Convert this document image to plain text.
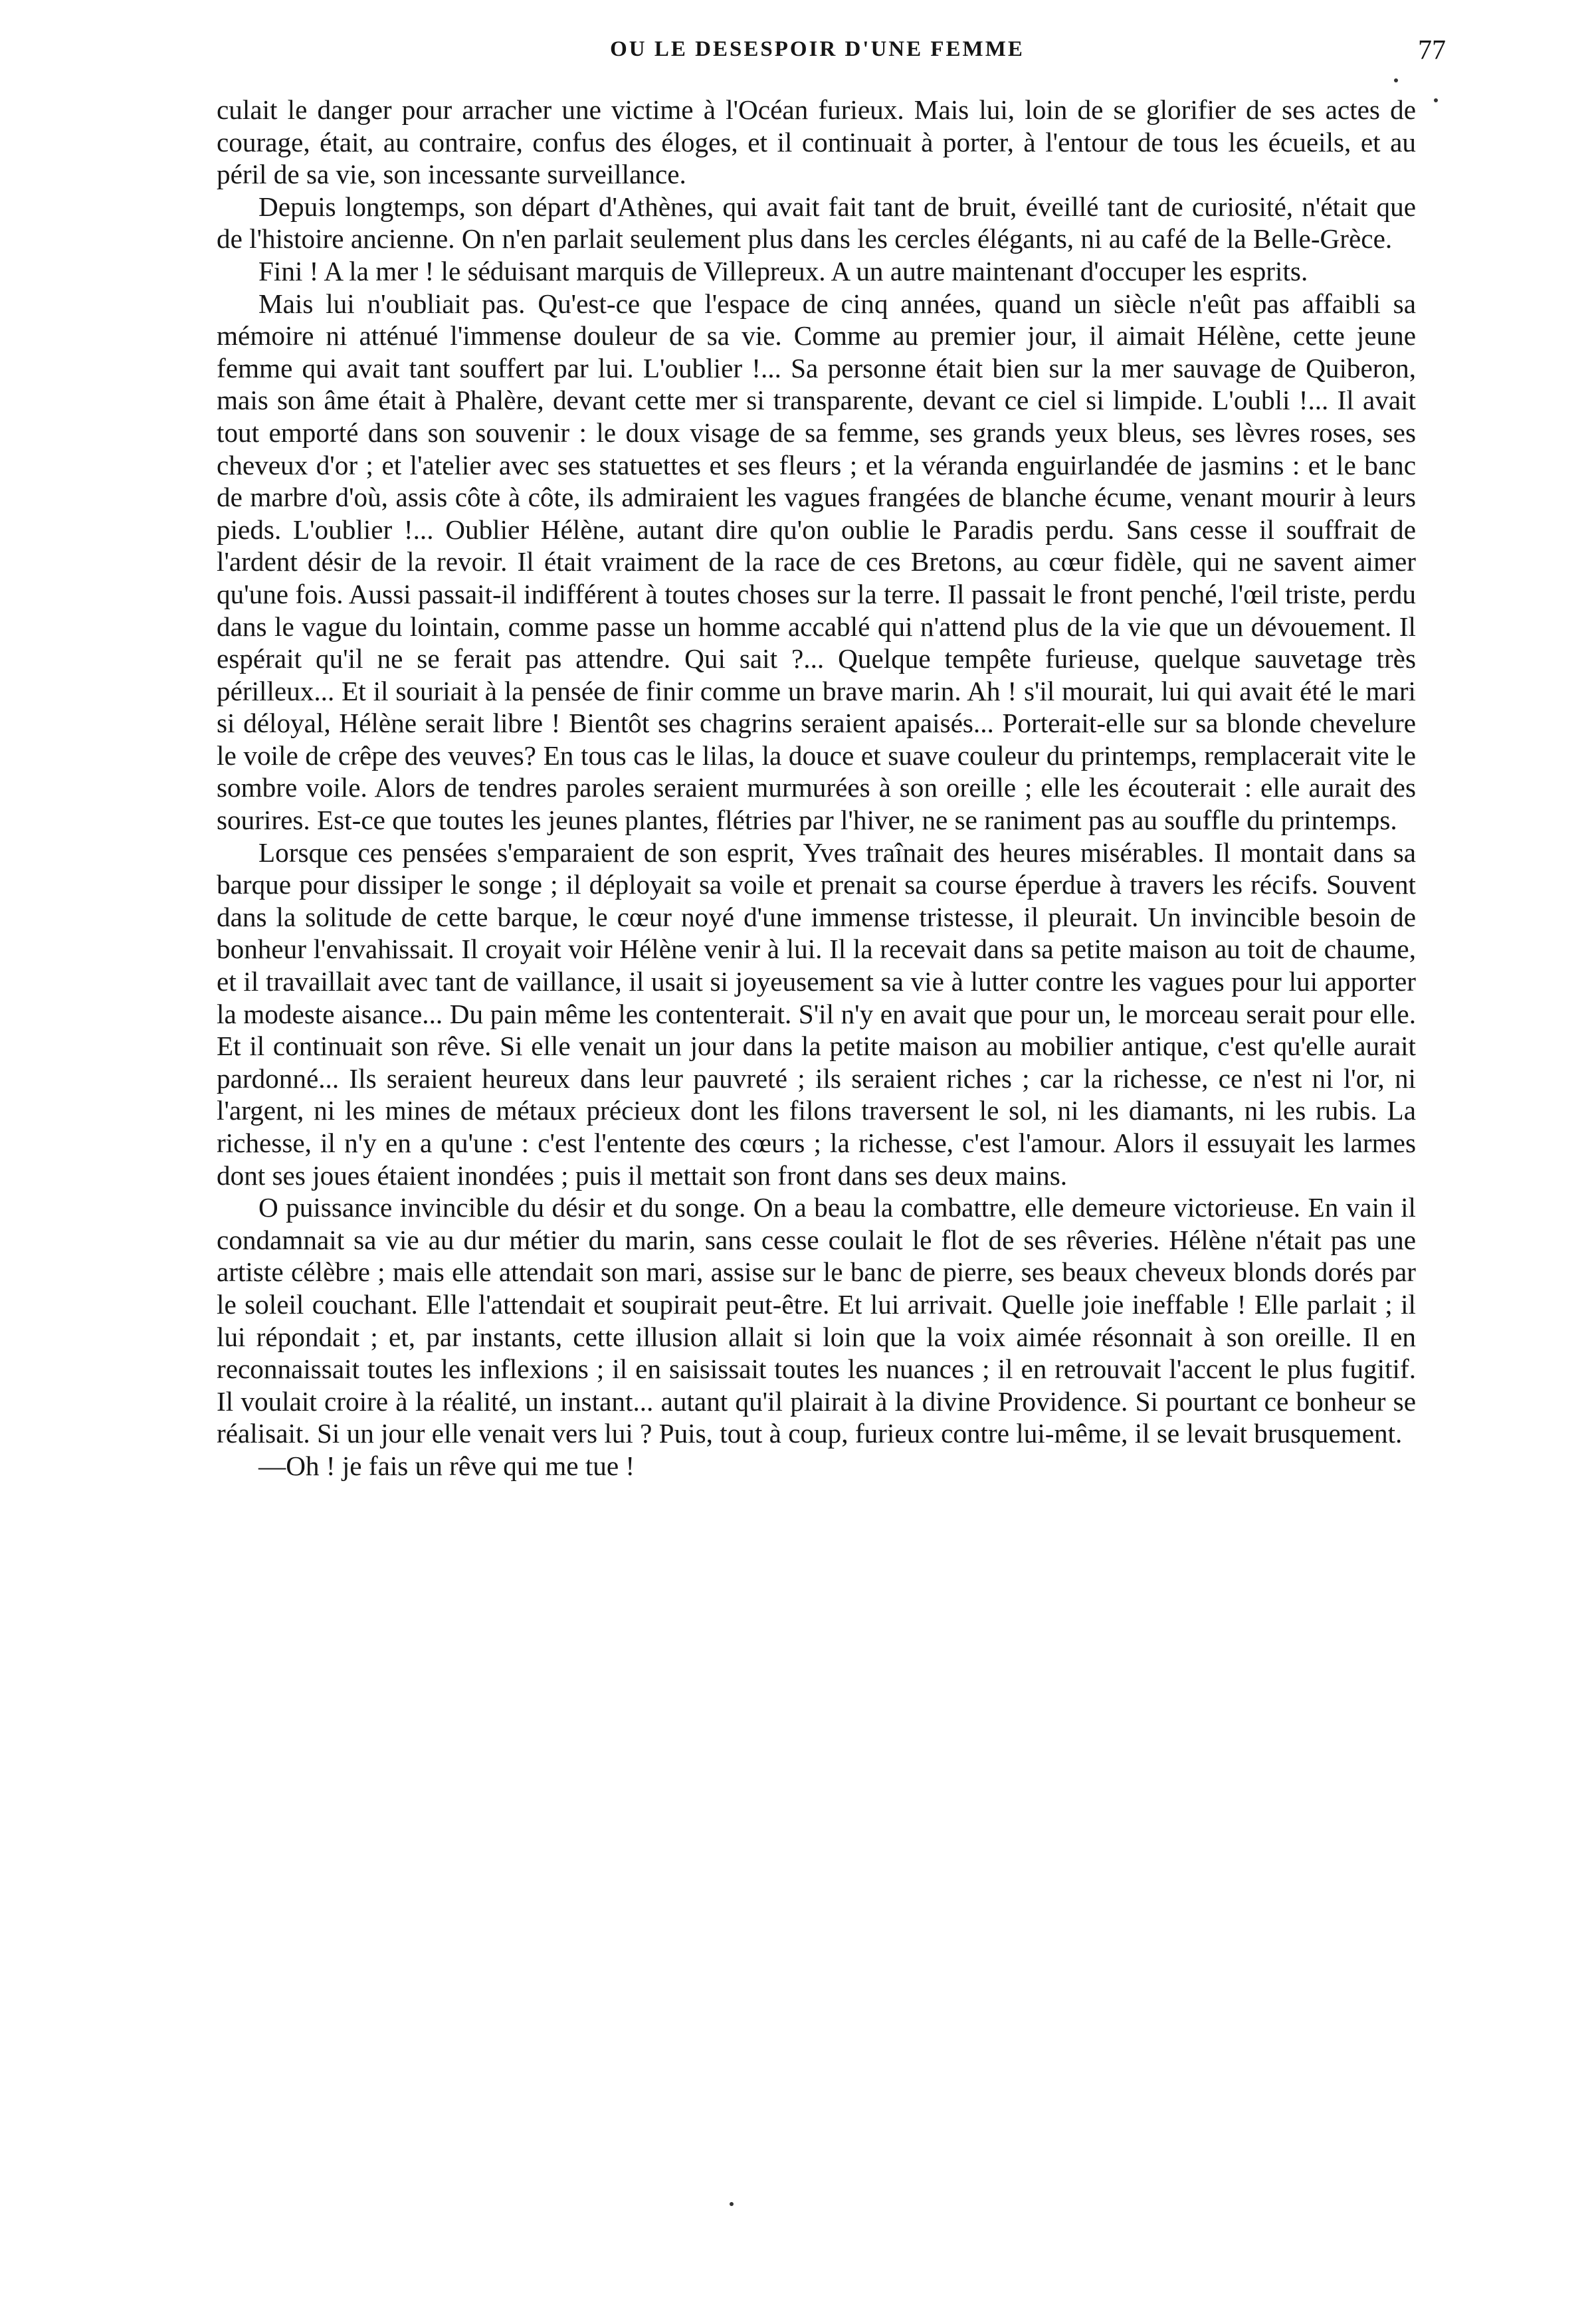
OU LE DESESPOIR D'UNE FEMME	77

culait le danger pour arracher une victime à l'Océan furieux. Mais lui, loin de se glorifier de ses actes de courage, était, au contraire, confus des éloges, et il continuait à porter, à l'entour de tous les écueils, et au péril de sa vie, son incessante surveillance.

Depuis longtemps, son départ d'Athènes, qui avait fait tant de bruit, éveillé tant de curiosité, n'était que de l'histoire ancienne. On n'en parlait seulement plus dans les cercles élégants, ni au café de la Belle-Grèce.

Fini ! A la mer ! le séduisant marquis de Villepreux. A un autre maintenant d'occuper les esprits.

Mais lui n'oubliait pas. Qu'est-ce que l'espace de cinq années, quand un siècle n'eût pas affaibli sa mémoire ni atténué l'immense douleur de sa vie. Comme au premier jour, il aimait Hélène, cette jeune femme qui avait tant souffert par lui. L'oublier !... Sa personne était bien sur la mer sauvage de Quiberon, mais son âme était à Phalère, devant cette mer si transparente, devant ce ciel si limpide. L'oubli !... Il avait tout emporté dans son souvenir : le doux visage de sa femme, ses grands yeux bleus, ses lèvres roses, ses cheveux d'or ; et l'atelier avec ses statuettes et ses fleurs ; et la véranda enguirlandée de jasmins : et le banc de marbre d'où, assis côte à côte, ils admiraient les vagues frangées de blanche écume, venant mourir à leurs pieds. L'oublier !... Oublier Hélène, autant dire qu'on oublie le Paradis perdu. Sans cesse il souffrait de l'ardent désir de la revoir. Il était vraiment de la race de ces Bretons, au cœur fidèle, qui ne savent aimer qu'une fois. Aussi passait-il indifférent à toutes choses sur la terre. Il passait le front penché, l'œil triste, perdu dans le vague du lointain, comme passe un homme accablé qui n'attend plus de la vie que un dévouement. Il espérait qu'il ne se ferait pas attendre. Qui sait ?... Quelque tempête furieuse, quelque sauvetage très périlleux... Et il souriait à la pensée de finir comme un brave marin. Ah ! s'il mourait, lui qui avait été le mari si déloyal, Hélène serait libre ! Bientôt ses chagrins seraient apaisés... Porterait-elle sur sa blonde chevelure le voile de crêpe des veuves? En tous cas le lilas, la douce et suave couleur du printemps, remplacerait vite le sombre voile. Alors de tendres paroles seraient murmurées à son oreille ; elle les écouterait : elle aurait des sourires. Est-ce que toutes les jeunes plantes, flétries par l'hiver, ne se raniment pas au souffle du printemps.

Lorsque ces pensées s'emparaient de son esprit, Yves traînait des heures misérables. Il montait dans sa barque pour dissiper le songe ; il déployait sa voile et prenait sa course éperdue à travers les récifs. Souvent dans la solitude de cette barque, le cœur noyé d'une immense tristesse, il pleurait. Un invincible besoin de bonheur l'envahissait. Il croyait voir Hélène venir à lui. Il la recevait dans sa petite maison au toit de chaume, et il travaillait avec tant de vaillance, il usait si joyeusement sa vie à lutter contre les vagues pour lui apporter la modeste aisance... Du pain même les contenterait. S'il n'y en avait que pour un, le morceau serait pour elle. Et il continuait son rêve. Si elle venait un jour dans la petite maison au mobilier antique, c'est qu'elle aurait pardonné... Ils seraient heureux dans leur pauvreté ; ils seraient riches ; car la richesse, ce n'est ni l'or, ni l'argent, ni les mines de métaux précieux dont les filons traversent le sol, ni les diamants, ni les rubis. La richesse, il n'y en a qu'une : c'est l'entente des cœurs ; la richesse, c'est l'amour. Alors il essuyait les larmes dont ses joues étaient inondées ; puis il mettait son front dans ses deux mains.

O puissance invincible du désir et du songe. On a beau la combattre, elle demeure victorieuse. En vain il condamnait sa vie au dur métier du marin, sans cesse coulait le flot de ses rêveries. Hélène n'était pas une artiste célèbre ; mais elle attendait son mari, assise sur le banc de pierre, ses beaux cheveux blonds dorés par le soleil couchant. Elle l'attendait et soupirait peut-être. Et lui arrivait. Quelle joie ineffable ! Elle parlait ; il lui répondait ; et, par instants, cette illusion allait si loin que la voix aimée résonnait à son oreille. Il en reconnaissait toutes les inflexions ; il en saisissait toutes les nuances ; il en retrouvait l'accent le plus fugitif. Il voulait croire à la réalité, un instant... autant qu'il plairait à la divine Providence. Si pourtant ce bonheur se réalisait. Si un jour elle venait vers lui ? Puis, tout à coup, furieux contre lui-même, il se levait brusquement.

—Oh ! je fais un rêve qui me tue !
